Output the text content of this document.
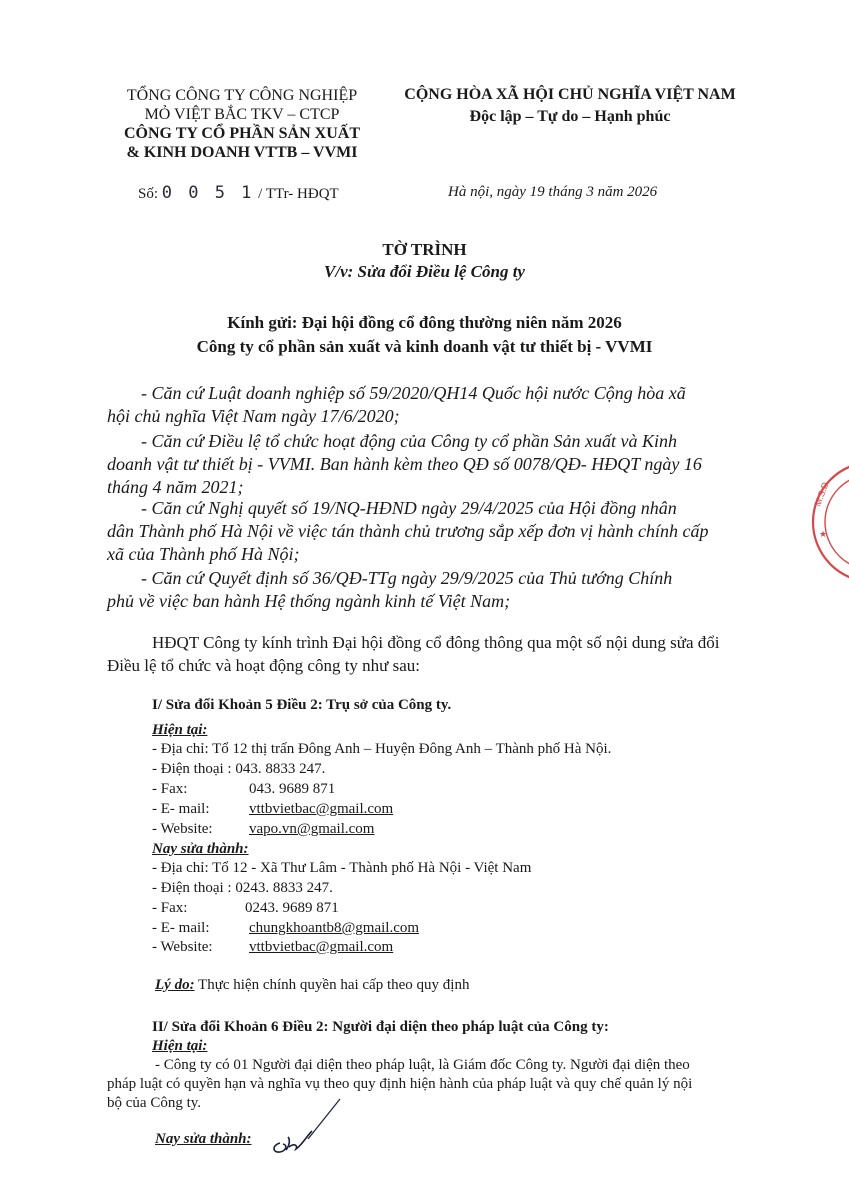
TỔNG CÔNG TY CÔNG NGHIỆP
MỎ VIỆT BẮC TKV – CTCP
CÔNG TY CỔ PHẦN SẢN XUẤT
& KINH DOANH VTTB – VVMI
CỘNG HÒA XÃ HỘI CHỦ NGHĨA VIỆT NAM
Độc lập – Tự do – Hạnh phúc
Số: 0 0 5 1 / TTr- HĐQT	Hà nội, ngày 19 tháng 3 năm 2026
TỜ TRÌNH
V/v: Sửa đổi Điều lệ Công ty
Kính gửi: Đại hội đồng cổ đông thường niên năm 2026
Công ty cổ phần sản xuất và kinh doanh vật tư thiết bị - VVMI
- Căn cứ Luật doanh nghiệp số 59/2020/QH14 Quốc hội nước Cộng hòa xã
hội chủ nghĩa Việt Nam ngày 17/6/2020;
- Căn cứ Điều lệ tổ chức hoạt động của Công ty cổ phần Sản xuất và Kinh
doanh vật tư thiết bị - VVMI. Ban hành kèm theo QĐ số 0078/QĐ- HĐQT ngày 16
tháng 4 năm 2021;
- Căn cứ Nghị quyết số 19/NQ-HĐND ngày 29/4/2025 của Hội đồng nhân
dân Thành phố Hà Nội về việc tán thành chủ trương sắp xếp đơn vị hành chính cấp
xã của Thành phố Hà Nội;
- Căn cứ Quyết định số 36/QĐ-TTg ngày 29/9/2025 của Thủ tướng Chính
phủ về việc ban hành Hệ thống ngành kinh tế Việt Nam;
HĐQT Công ty kính trình Đại hội đồng cổ đông thông qua một số nội dung sửa đổi
Điều lệ tổ chức và hoạt động công ty như sau:
I/ Sửa đổi Khoản 5 Điều 2: Trụ sở của Công ty.
Hiện tại:
- Địa chỉ: Tổ 12 thị trấn Đông Anh – Huyện Đông Anh – Thành phố Hà Nội.
- Điện thoại : 043. 8833 247.
- Fax:	043. 9689 871
- E- mail:	vttbvietbac@gmail.com
- Website: vapo.vn@gmail.com
Nay sửa thành:
- Địa chỉ: Tổ 12 - Xã Thư Lâm - Thành phố Hà Nội - Việt Nam
- Điện thoại : 0243. 8833 247.
- Fax:	0243. 9689 871
- E- mail:	chungkhoantb8@gmail.com
- Website: vttbvietbac@gmail.com
Lý do: Thực hiện chính quyền hai cấp theo quy định
II/ Sửa đổi Khoản 6 Điều 2: Người đại diện theo pháp luật của Công ty:
Hiện tại:
- Công ty có 01 Người đại diện theo pháp luật, là Giám đốc Công ty. Người đại diện theo
pháp luật có quyền hạn và nghĩa vụ theo quy định hiện hành của pháp luật và quy chế quản lý nội
bộ của Công ty.
Nay sửa thành:
M.S.D.
★
